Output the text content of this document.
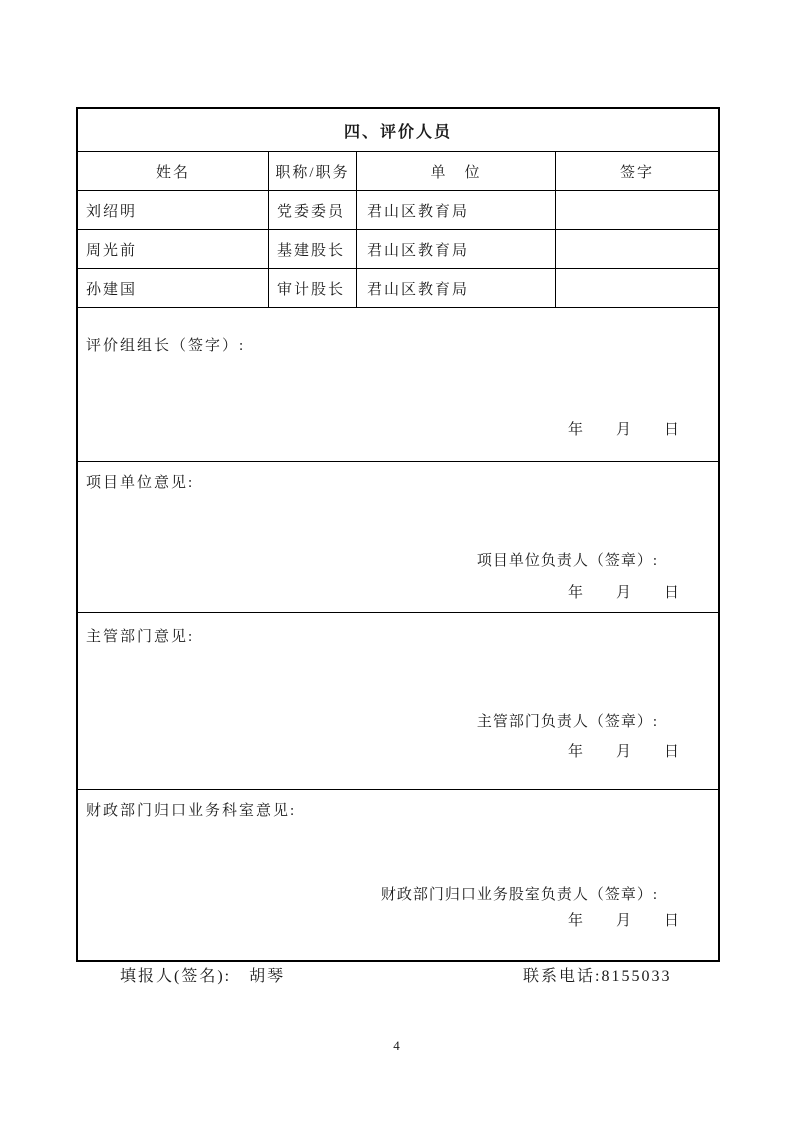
四、评价人员
姓名	职称/职务	单　位	签字
刘绍明	党委委员	君山区教育局
周光前	基建股长	君山区教育局
孙建国	审计股长	君山区教育局
评价组组长（签字）:
年　　月　　日
项目单位意见:
项目单位负责人（签章）:
年　　月　　日
主管部门意见:
主管部门负责人（签章）:
年　　月　　日
财政部门归口业务科室意见:
财政部门归口业务股室负责人（签章）:
年　　月　　日
填报人(签名): 胡琴	联系电话:8155033
4
